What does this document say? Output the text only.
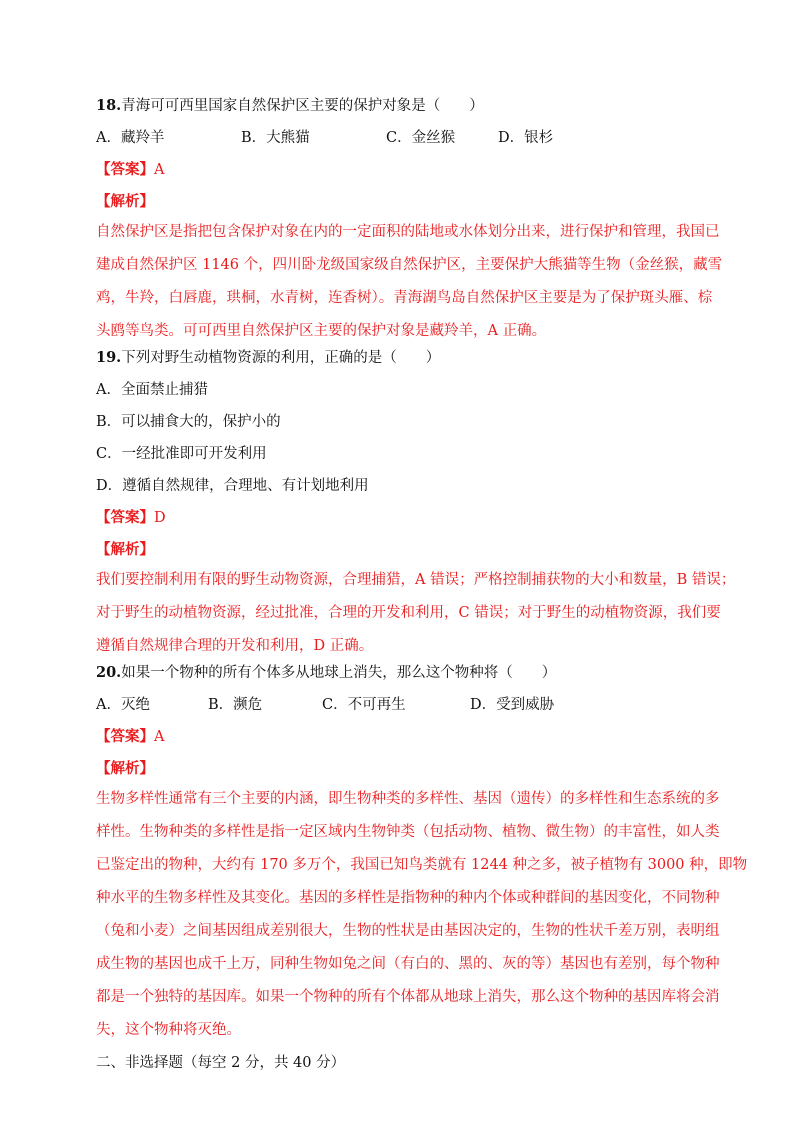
18.青海可可西里国家自然保护区主要的保护对象是（　　）
A．藏羚羊	B．大熊猫	C．金丝猴	D．银杉
【答案】A
【解析】

自然保护区是指把包含保护对象在内的一定面积的陆地或水体划分出来，进行保护和管理，我国已

建成自然保护区 1146 个，四川卧龙级国家级自然保护区，主要保护大熊猫等生物（金丝猴，藏雪

鸡，牛羚，白唇鹿，珙桐，水青树，连香树）。青海湖鸟岛自然保护区主要是为了保护斑头雁、棕

头鸥等鸟类。可可西里自然保护区主要的保护对象是藏羚羊，A 正确。

19.下列对野生动植物资源的利用，正确的是（　　）
A．全面禁止捕猎
B．可以捕食大的，保护小的
C．一经批准即可开发利用
D．遵循自然规律，合理地、有计划地利用
【答案】D
【解析】

我们要控制利用有限的野生动物资源，合理捕猎，A 错误；严格控制捕获物的大小和数量，B 错误；

对于野生的动植物资源，经过批准，合理的开发和利用，C 错误；对于野生的动植物资源，我们要

遵循自然规律合理的开发和利用，D 正确。

20.如果一个物种的所有个体多从地球上消失，那么这个物种将（　　）
A．灭绝	B．濒危	C．不可再生	D．受到威胁
【答案】A
【解析】

生物多样性通常有三个主要的内涵，即生物种类的多样性、基因（遗传）的多样性和生态系统的多

样性。生物种类的多样性是指一定区域内生物钟类（包括动物、植物、微生物）的丰富性，如人类

已鉴定出的物种，大约有 170 多万个，我国已知鸟类就有 1244 种之多，被子植物有 3000 种，即物

种水平的生物多样性及其变化。基因的多样性是指物种的种内个体或种群间的基因变化，不同物种

（兔和小麦）之间基因组成差别很大，生物的性状是由基因决定的，生物的性状千差万别，表明组

成生物的基因也成千上万，同种生物如兔之间（有白的、黑的、灰的等）基因也有差别，每个物种

都是一个独特的基因库。如果一个物种的所有个体都从地球上消失，那么这个物种的基因库将会消

失，这个物种将灭绝。

二、非选择题（每空 2 分，共 40 分）
